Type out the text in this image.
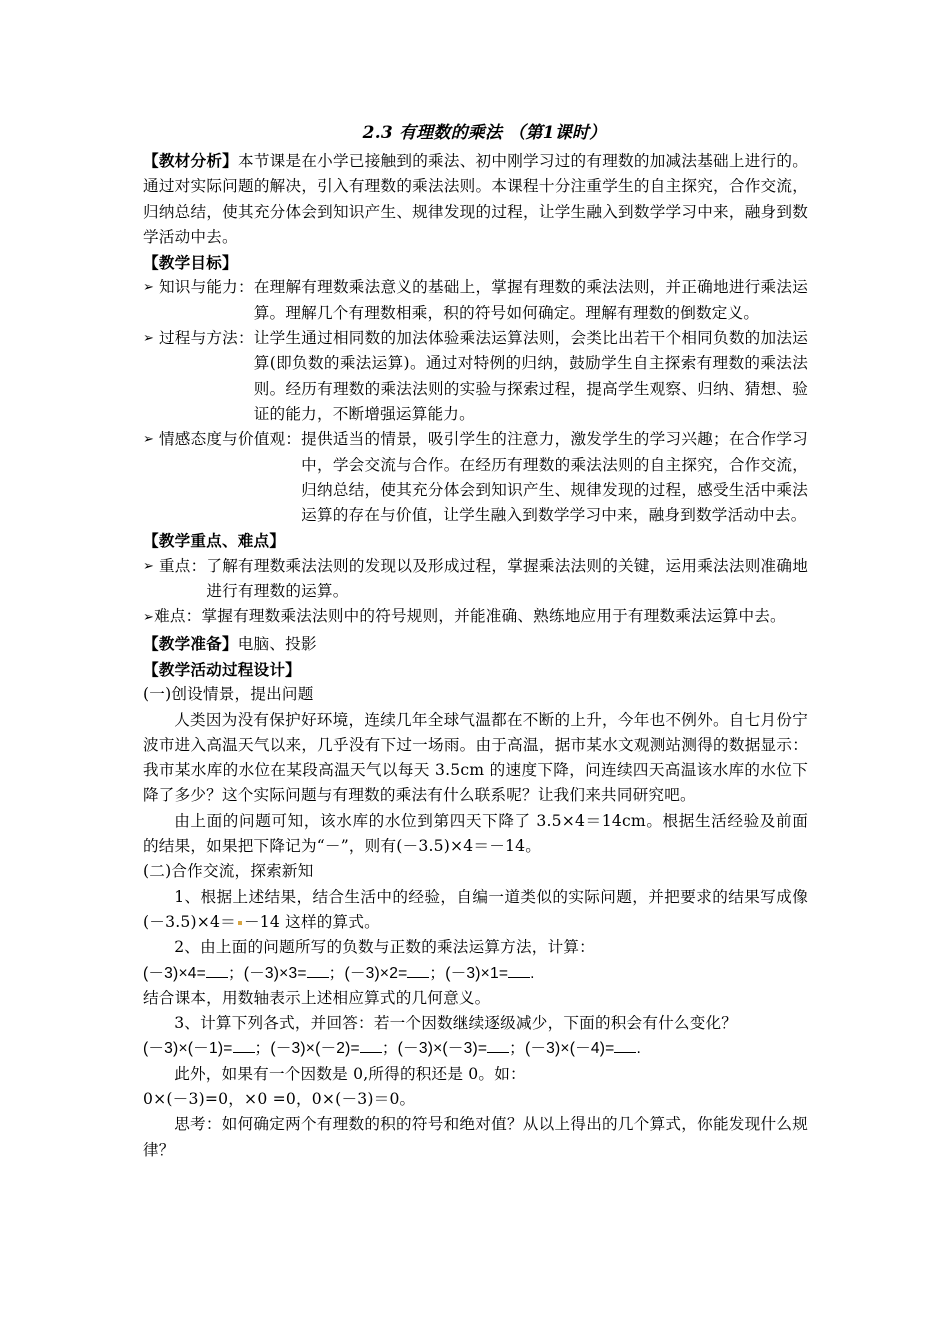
2.3 有理数的乘法 （第1课时）

【教材分析】本节课是在小学已接触到的乘法、初中刚学习过的有理数的加减法基础上进行的。通过对实际问题的解决，引入有理数的乘法法则。本课程十分注重学生的自主探究，合作交流，归纳总结，使其充分体会到知识产生、规律发现的过程，让学生融入到数学学习中来，融身到数学活动中去。

【教学目标】

➢ 知识与能力： 在理解有理数乘法意义的基础上，掌握有理数的乘法法则，并正确地进行乘法运算。理解几个有理数相乘，积的符号如何确定。理解有理数的倒数定义。
➢ 过程与方法： 让学生通过相同数的加法体验乘法运算法则，会类比出若干个相同负数的加法运算(即负数的乘法运算)。通过对特例的归纳，鼓励学生自主探索有理数的乘法法则。经历有理数的乘法法则的实验与探索过程，提高学生观察、归纳、猜想、验证的能力，不断增强运算能力。
➢ 情感态度与价值观： 提供适当的情景，吸引学生的注意力，激发学生的学习兴趣；在合作学习中，学会交流与合作。在经历有理数的乘法法则的自主探究，合作交流，归纳总结，使其充分体会到知识产生、规律发现的过程，感受生活中乘法运算的存在与价值，让学生融入到数学学习中来，融身到数学活动中去。

【教学重点、难点】

➢ 重点： 了解有理数乘法法则的发现以及形成过程，掌握乘法法则的关键，运用乘法法则准确地进行有理数的运算。

➢难点：掌握有理数乘法法则中的符号规则，并能准确、熟练地应用于有理数乘法运算中去。

【教学准备】电脑、投影

【教学活动过程设计】

(一)创设情景，提出问题

人类因为没有保护好环境，连续几年全球气温都在不断的上升，今年也不例外。自七月份宁波市进入高温天气以来，几乎没有下过一场雨。由于高温，据市某水文观测站测得的数据显示：我市某水库的水位在某段高温天气以每天 3.5cm 的速度下降，问连续四天高温该水库的水位下降了多少？这个实际问题与有理数的乘法有什么联系呢？让我们来共同研究吧。

由上面的问题可知，该水库的水位到第四天下降了 3.5×4＝14cm。根据生活经验及前面的结果，如果把下降记为“－”，则有(－3.5)×4＝－14。

(二)合作交流，探索新知

1、根据上述结果，结合生活中的经验，自编一道类似的实际问题，并把要求的结果写成像(－3.5)×4＝ －14 这样的算式。

2、由上面的问题所写的负数与正数的乘法运算方法，计算：

(－3)×4= ；(－3)×3= ；(－3)×2= ；(－3)×1= .

结合课本，用数轴表示上述相应算式的几何意义。

3、计算下列各式，并回答：若一个因数继续逐级减少，下面的积会有什么变化？

(－3)×(－1)= ；(－3)×(－2)= ；(－3)×(－3)= ；(－3)×(－4)= .

此外，如果有一个因数是 0,所得的积还是 0。如：

0×(－3)=0，×0 =0，0×(－3)＝0。

思考：如何确定两个有理数的积的符号和绝对值？从以上得出的几个算式，你能发现什么规律？
